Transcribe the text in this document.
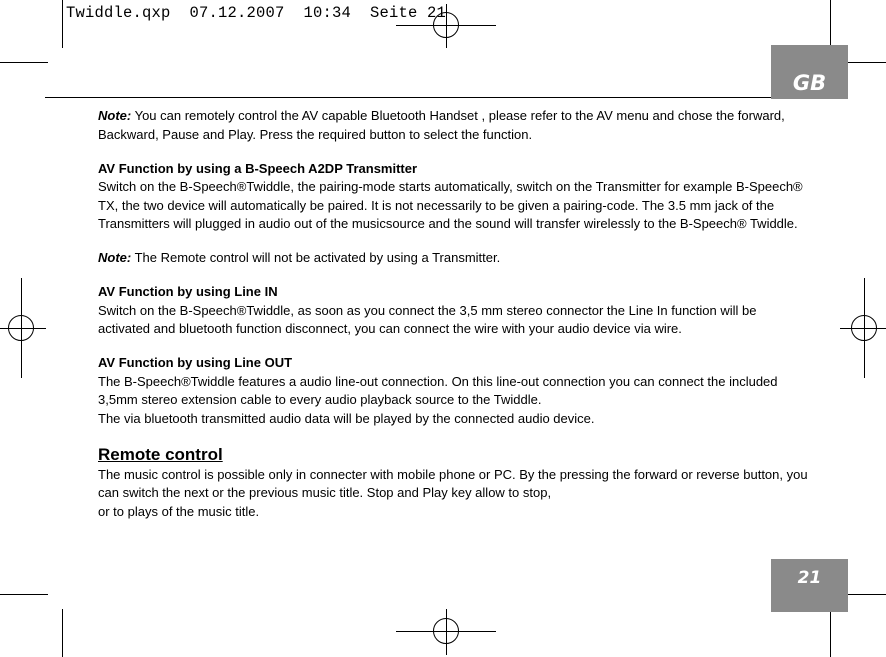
Twiddle.qxp  07.12.2007  10:34  Seite 21
GB

Note: You can remotely control the AV capable Bluetooth Handset , please refer to the AV menu and chose the forward, Backward, Pause and Play. Press the required button to select the function.

AV Function by using a B-Speech A2DP Transmitter
Switch on the B-Speech®Twiddle, the pairing-mode starts automatically, switch on the Transmitter for example B-Speech® TX, the two device will automatically be paired. It is not necessarily to be given a pairing-code. The 3.5 mm jack of the Transmitters will plugged in audio out of the musicsource and the sound will transfer wirelessly to the B-Speech® Twiddle.

Note: The Remote control will not be activated by using a Transmitter.

AV Function by using Line IN
Switch on the B-Speech®Twiddle, as soon as you connect the 3,5 mm stereo connector the Line In function will be activated and bluetooth function disconnect, you can connect the wire with your audio device via wire.

AV Function by using Line OUT
The B-Speech®Twiddle features a audio line-out connection. On this line-out connection you can connect the included 3,5mm stereo extension cable to every audio playback source to the Twiddle.
The via bluetooth transmitted audio data will be played by the connected audio device.

Remote control
The music control is possible only in connecter with mobile phone or PC. By the pressing the forward or reverse button, you can switch the next or the previous music title. Stop and Play key allow to stop,
or to plays of the music title.

21
